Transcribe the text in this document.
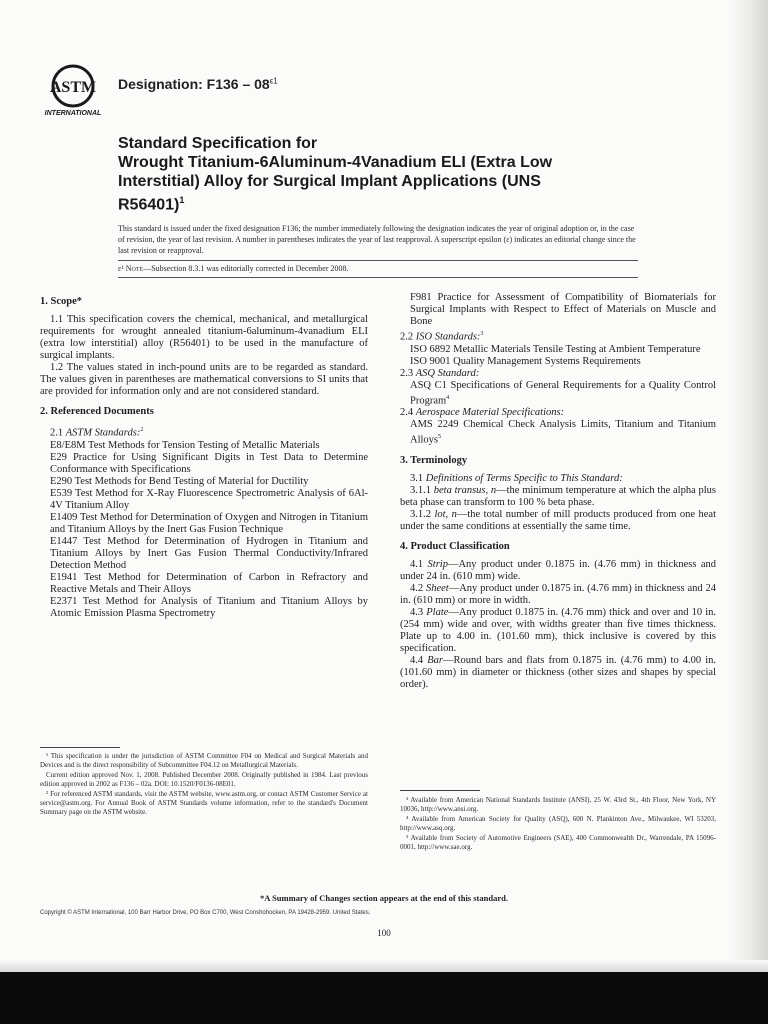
ASTM
INTERNATIONAL
Designation: $F136 - 08^{\varepsilon 1}$
Standard Specification for
Wrought Titanium-6Aluminum-4Vanadium ELI (Extra Low
Interstitial) Alloy for Surgical Implant Applications (UNS
R56401)$^1$

This standard is issued under the fixed designation F136; the number immediately following the designation indicates the year of original adoption or, in the case of revision, the year of last revision. A number in parentheses indicates the year of last reapproval. A superscript epsilon (ε) indicates an editorial change since the last revision or reapproval.

ε¹ Note—Subsection 8.3.1 was editorially corrected in December 2008.

1. Scope*

1.1 This specification covers the chemical, mechanical, and metallurgical requirements for wrought annealed titanium-6aluminum-4vanadium ELI (extra low interstitial) alloy (R56401) to be used in the manufacture of surgical implants.

1.2 The values stated in inch-pound units are to be regarded as standard. The values given in parentheses are mathematical conversions to SI units that are provided for information only and are not considered standard.

2. Referenced Documents

2.1 ASTM Standards:$^2$

E8/E8M Test Methods for Tension Testing of Metallic Materials

E29 Practice for Using Significant Digits in Test Data to Determine Conformance with Specifications

E290 Test Methods for Bend Testing of Material for Ductility

E539 Test Method for X-Ray Fluorescence Spectrometric Analysis of 6Al-4V Titanium Alloy

E1409 Test Method for Determination of Oxygen and Nitrogen in Titanium and Titanium Alloys by the Inert Gas Fusion Technique

E1447 Test Method for Determination of Hydrogen in Titanium and Titanium Alloys by Inert Gas Fusion Thermal Conductivity/Infrared Detection Method

E1941 Test Method for Determination of Carbon in Refractory and Reactive Metals and Their Alloys

E2371 Test Method for Analysis of Titanium and Titanium Alloys by Atomic Emission Plasma Spectrometry

F981 Practice for Assessment of Compatibility of Biomaterials for Surgical Implants with Respect to Effect of Materials on Muscle and Bone

2.2 ISO Standards:$^3$

ISO 6892 Metallic Materials Tensile Testing at Ambient Temperature

ISO 9001 Quality Management Systems Requirements

2.3 ASQ Standard:

ASQ C1 Specifications of General Requirements for a Quality Control Program$^4$

2.4 Aerospace Material Specifications:

AMS 2249 Chemical Check Analysis Limits, Titanium and Titanium Alloys$^5$

3. Terminology

3.1 Definitions of Terms Specific to This Standard:

3.1.1 beta transus, n—the minimum temperature at which the alpha plus beta phase can transform to 100 % beta phase.

3.1.2 lot, n—the total number of mill products produced from one heat under the same conditions at essentially the same time.

4. Product Classification

4.1 Strip—Any product under 0.1875 in. (4.76 mm) in thickness and under 24 in. (610 mm) wide.

4.2 Sheet—Any product under 0.1875 in. (4.76 mm) in thickness and 24 in. (610 mm) or more in width.

4.3 Plate—Any product 0.1875 in. (4.76 mm) thick and over and 10 in. (254 mm) wide and over, with widths greater than five times thickness. Plate up to 4.00 in. (101.60 mm), thick inclusive is covered by this specification.

4.4 Bar—Round bars and flats from 0.1875 in. (4.76 mm) to 4.00 in. (101.60 mm) in diameter or thickness (other sizes and shapes by special order).

¹ This specification is under the jurisdiction of ASTM Committee F04 on Medical and Surgical Materials and Devices and is the direct responsibility of Subcommittee F04.12 on Metallurgical Materials.

Current edition approved Nov. 1, 2008. Published December 2008. Originally published in 1984. Last previous edition approved in 2002 as F136 – 02a. DOI: 10.1520/F0136-08E01.

² For referenced ASTM standards, visit the ASTM website, www.astm.org, or contact ASTM Customer Service at service@astm.org. For Annual Book of ASTM Standards volume information, refer to the standard's Document Summary page on the ASTM website.

³ Available from American National Standards Institute (ANSI), 25 W. 43rd St., 4th Floor, New York, NY 10036, http://www.ansi.org.

⁴ Available from American Society for Quality (ASQ), 600 N. Plankinton Ave., Milwaukee, WI 53203, http://www.asq.org.

⁵ Available from Society of Automotive Engineers (SAE), 400 Commonwealth Dr., Warrendale, PA 15096-0001, http://www.sae.org.

*A Summary of Changes section appears at the end of this standard.
Copyright © ASTM International, 100 Barr Harbor Drive, PO Box C700, West Conshohocken, PA 19428-2959. United States.
100
